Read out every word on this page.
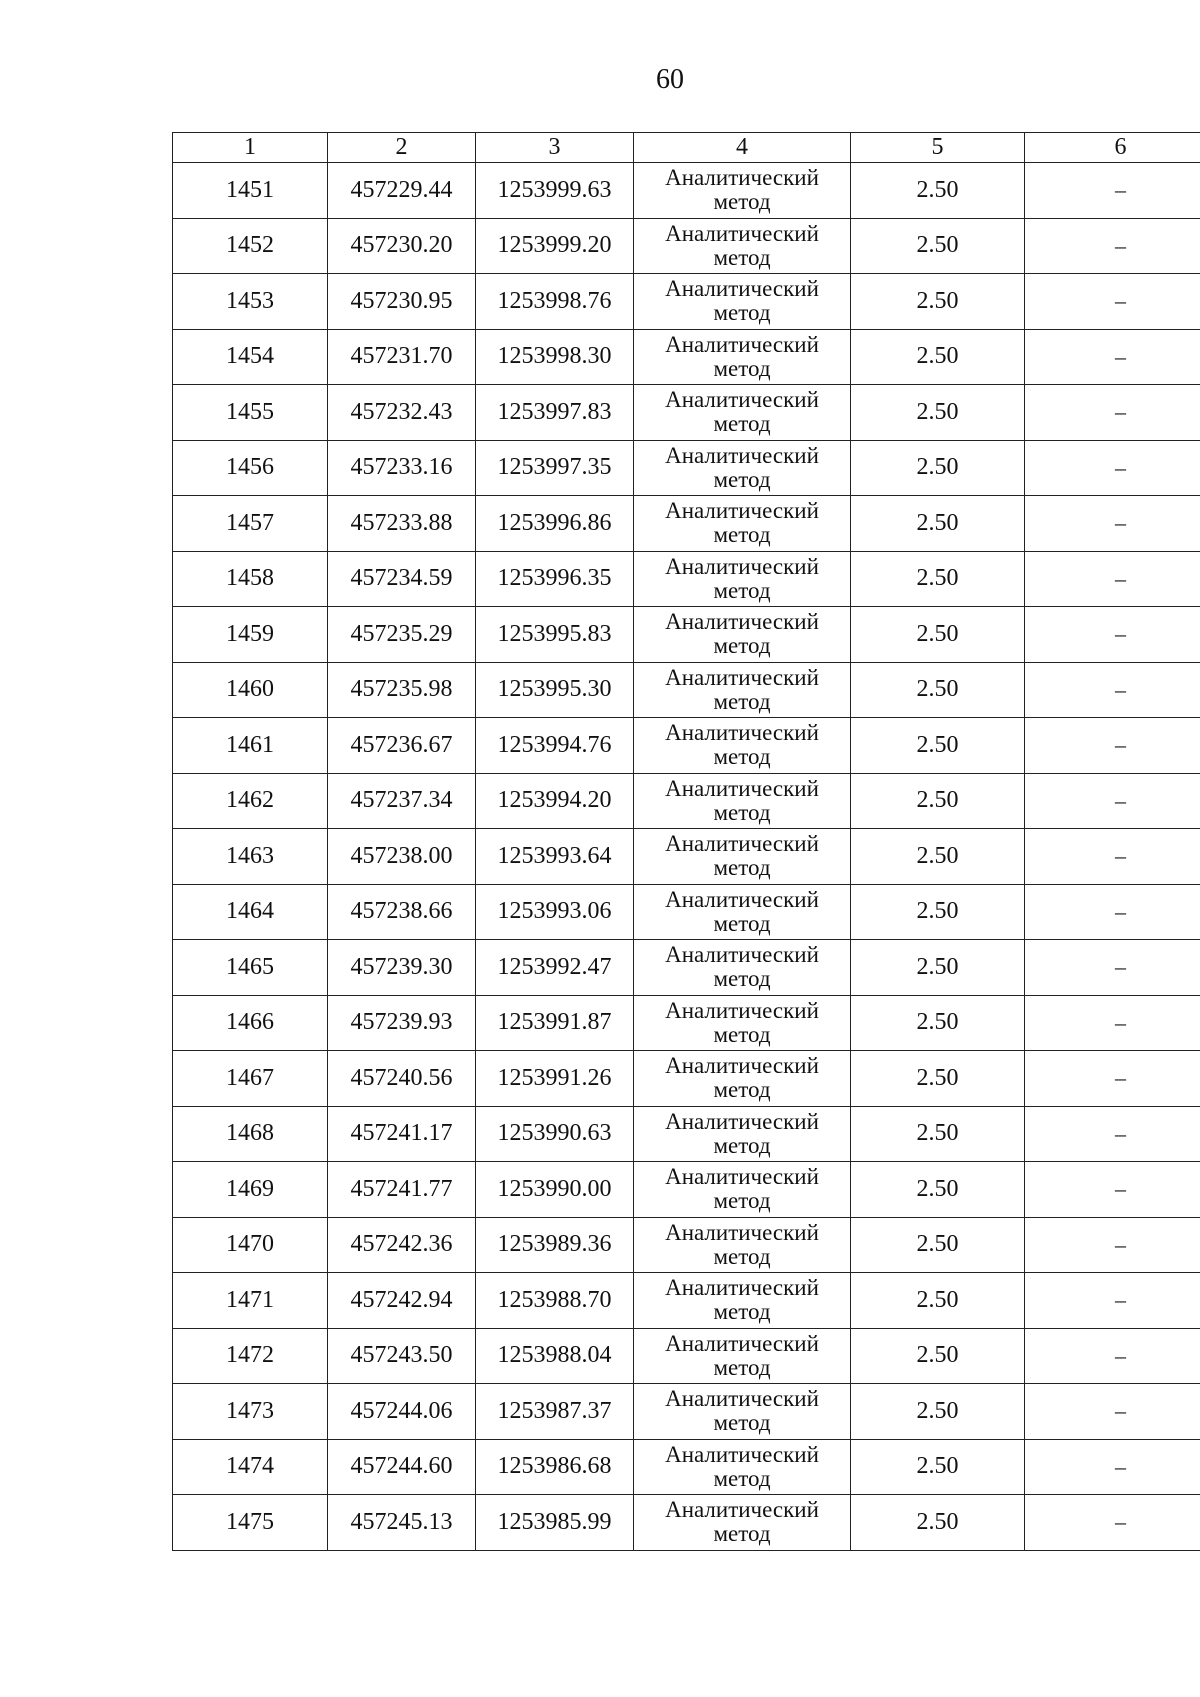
60
1	2	3	4	5	6
1451	457229.44	1253999.63	Аналитический
метод	2.50	–
1452	457230.20	1253999.20	Аналитический
метод	2.50	–
1453	457230.95	1253998.76	Аналитический
метод	2.50	–
1454	457231.70	1253998.30	Аналитический
метод	2.50	–
1455	457232.43	1253997.83	Аналитический
метод	2.50	–
1456	457233.16	1253997.35	Аналитический
метод	2.50	–
1457	457233.88	1253996.86	Аналитический
метод	2.50	–
1458	457234.59	1253996.35	Аналитический
метод	2.50	–
1459	457235.29	1253995.83	Аналитический
метод	2.50	–
1460	457235.98	1253995.30	Аналитический
метод	2.50	–
1461	457236.67	1253994.76	Аналитический
метод	2.50	–
1462	457237.34	1253994.20	Аналитический
метод	2.50	–
1463	457238.00	1253993.64	Аналитический
метод	2.50	–
1464	457238.66	1253993.06	Аналитический
метод	2.50	–
1465	457239.30	1253992.47	Аналитический
метод	2.50	–
1466	457239.93	1253991.87	Аналитический
метод	2.50	–
1467	457240.56	1253991.26	Аналитический
метод	2.50	–
1468	457241.17	1253990.63	Аналитический
метод	2.50	–
1469	457241.77	1253990.00	Аналитический
метод	2.50	–
1470	457242.36	1253989.36	Аналитический
метод	2.50	–
1471	457242.94	1253988.70	Аналитический
метод	2.50	–
1472	457243.50	1253988.04	Аналитический
метод	2.50	–
1473	457244.06	1253987.37	Аналитический
метод	2.50	–
1474	457244.60	1253986.68	Аналитический
метод	2.50	–
1475	457245.13	1253985.99	Аналитический
метод	2.50	–
